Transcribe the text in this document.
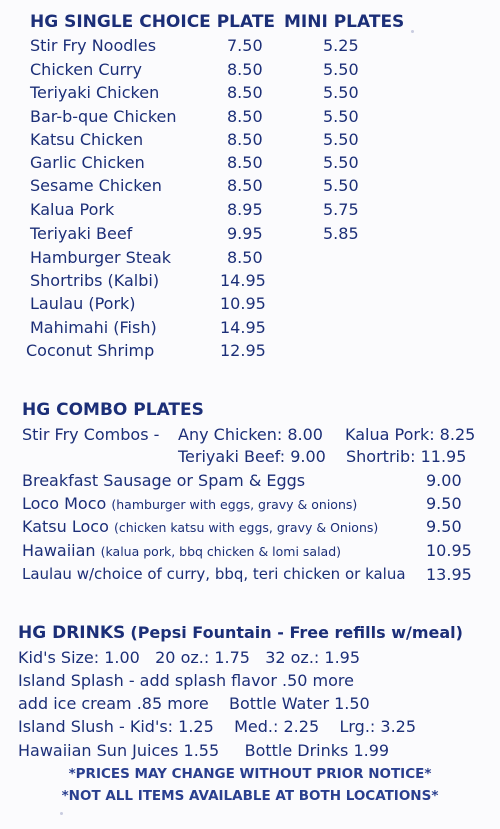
HG SINGLE CHOICE PLATE MINI PLATES
Stir Fry Noodles	7.50	5.25
Chicken Curry	8.50	5.50
Teriyaki Chicken	8.50	5.50
Bar-b-que Chicken	8.50	5.50
Katsu Chicken	8.50	5.50
Garlic Chicken	8.50	5.50
Sesame Chicken	8.50	5.50
Kalua Pork	8.95	5.75
Teriyaki Beef	9.95	5.85
Hamburger Steak	8.50
Shortribs (Kalbi)	14.95
Laulau (Pork)	10.95
Mahimahi (Fish)	14.95
Coconut Shrimp	12.95
HG COMBO PLATES
Stir Fry Combos - Any Chicken: 8.00 Kalua Pork: 8.25
Teriyaki Beef: 9.00 Shortrib: 11.95
Breakfast Sausage or Spam & Eggs	9.00
Loco Moco (hamburger with eggs, gravy & onions)	9.50
Katsu Loco (chicken katsu with eggs, gravy & Onions)	9.50
Hawaiian (kalua pork, bbq chicken & lomi salad)	10.95
Laulau w/choice of curry, bbq, teri chicken or kalua 13.95
HG DRINKS (Pepsi Fountain - Free refills w/meal)
Kid's Size: 1.00   20 oz.: 1.75   32 oz.: 1.95
Island Splash - add splash flavor .50 more
add ice cream .85 more    Bottle Water 1.50
Island Slush - Kid's: 1.25    Med.: 2.25    Lrg.: 3.25
Hawaiian Sun Juices 1.55     Bottle Drinks 1.99
*PRICES MAY CHANGE WITHOUT PRIOR NOTICE*
*NOT ALL ITEMS AVAILABLE AT BOTH LOCATIONS*
